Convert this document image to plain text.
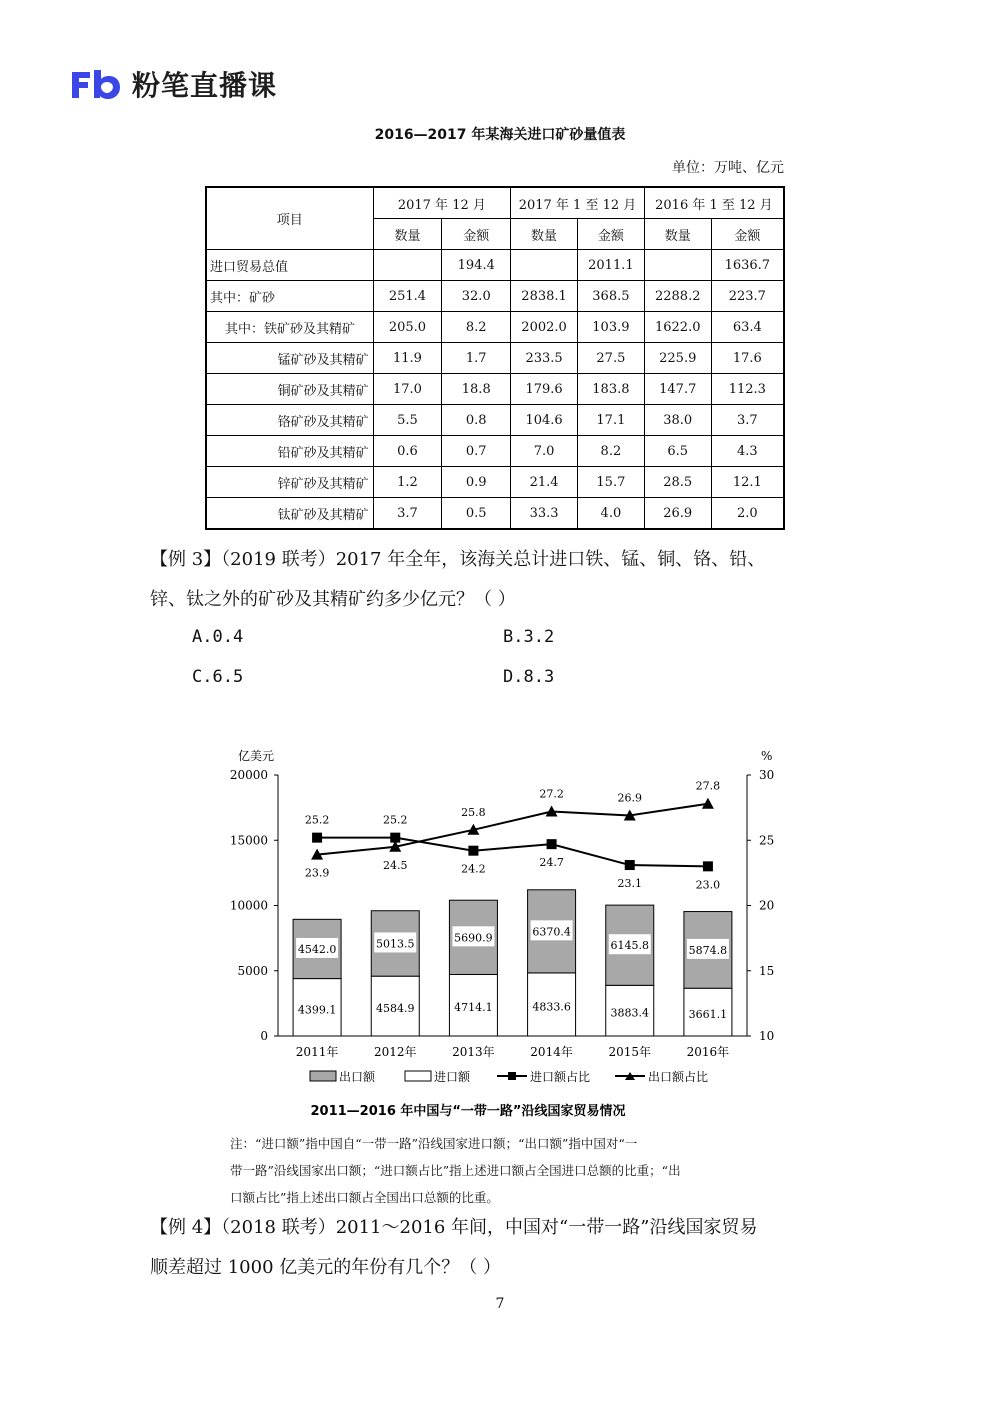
粉笔直播课
2016—2017 年某海关进口矿砂量值表
单位：万吨、亿元
项目	2017 年 12 月		2017 年 1 至 12 月		2016 年 1 至 12 月	
	数量	金额	数量	金额	数量	金额
进口贸易总值		194.4		2011.1		1636.7
其中：矿砂	251.4	32.0	2838.1	368.5	2288.2	223.7
其中：铁矿砂及其精矿	205.0	8.2	2002.0	103.9	1622.0	63.4
锰矿砂及其精矿	11.9	1.7	233.5	27.5	225.9	17.6
铜矿砂及其精矿	17.0	18.8	179.6	183.8	147.7	112.3
铬矿砂及其精矿	5.5	0.8	104.6	17.1	38.0	3.7
铅矿砂及其精矿	0.6	0.7	7.0	8.2	6.5	4.3
锌矿砂及其精矿	1.2	0.9	21.4	15.7	28.5	12.1
钛矿砂及其精矿	3.7	0.5	33.3	4.0	26.9	2.0
【例 3】（2019 联考）2017 年全年，该海关总计进口铁、锰、铜、铬、铅、
锌、钛之外的矿砂及其精矿约多少亿元？（ ）
A.0.4	B.3.2
C.6.5	D.8.3
亿美元	%
0
5000
10000
15000
20000
10
15
20
25
30
4542.0
4399.1
2011年
5013.5
4584.9
2012年
5690.9
4714.1
2013年
6370.4
4833.6
2014年
6145.8
3883.4
2015年
5874.8
3661.1
2016年
25.2	25.2
24.2
24.7
23.1	23.0
23.9
24.5
25.8
27.2	26.9
27.8
出口额	进口额	进口额占比	出口额占比
2011—2016 年中国与“一带一路”沿线国家贸易情况
注：“进口额”指中国自“一带一路”沿线国家进口额；“出口额”指中国对“一
带一路”沿线国家出口额；“进口额占比”指上述进口额占全国进口总额的比重；“出
口额占比”指上述出口额占全国出口总额的比重。
【例 4】（2018 联考）2011～2016 年间，中国对“一带一路”沿线国家贸易
顺差超过 1000 亿美元的年份有几个？（ ）
7
